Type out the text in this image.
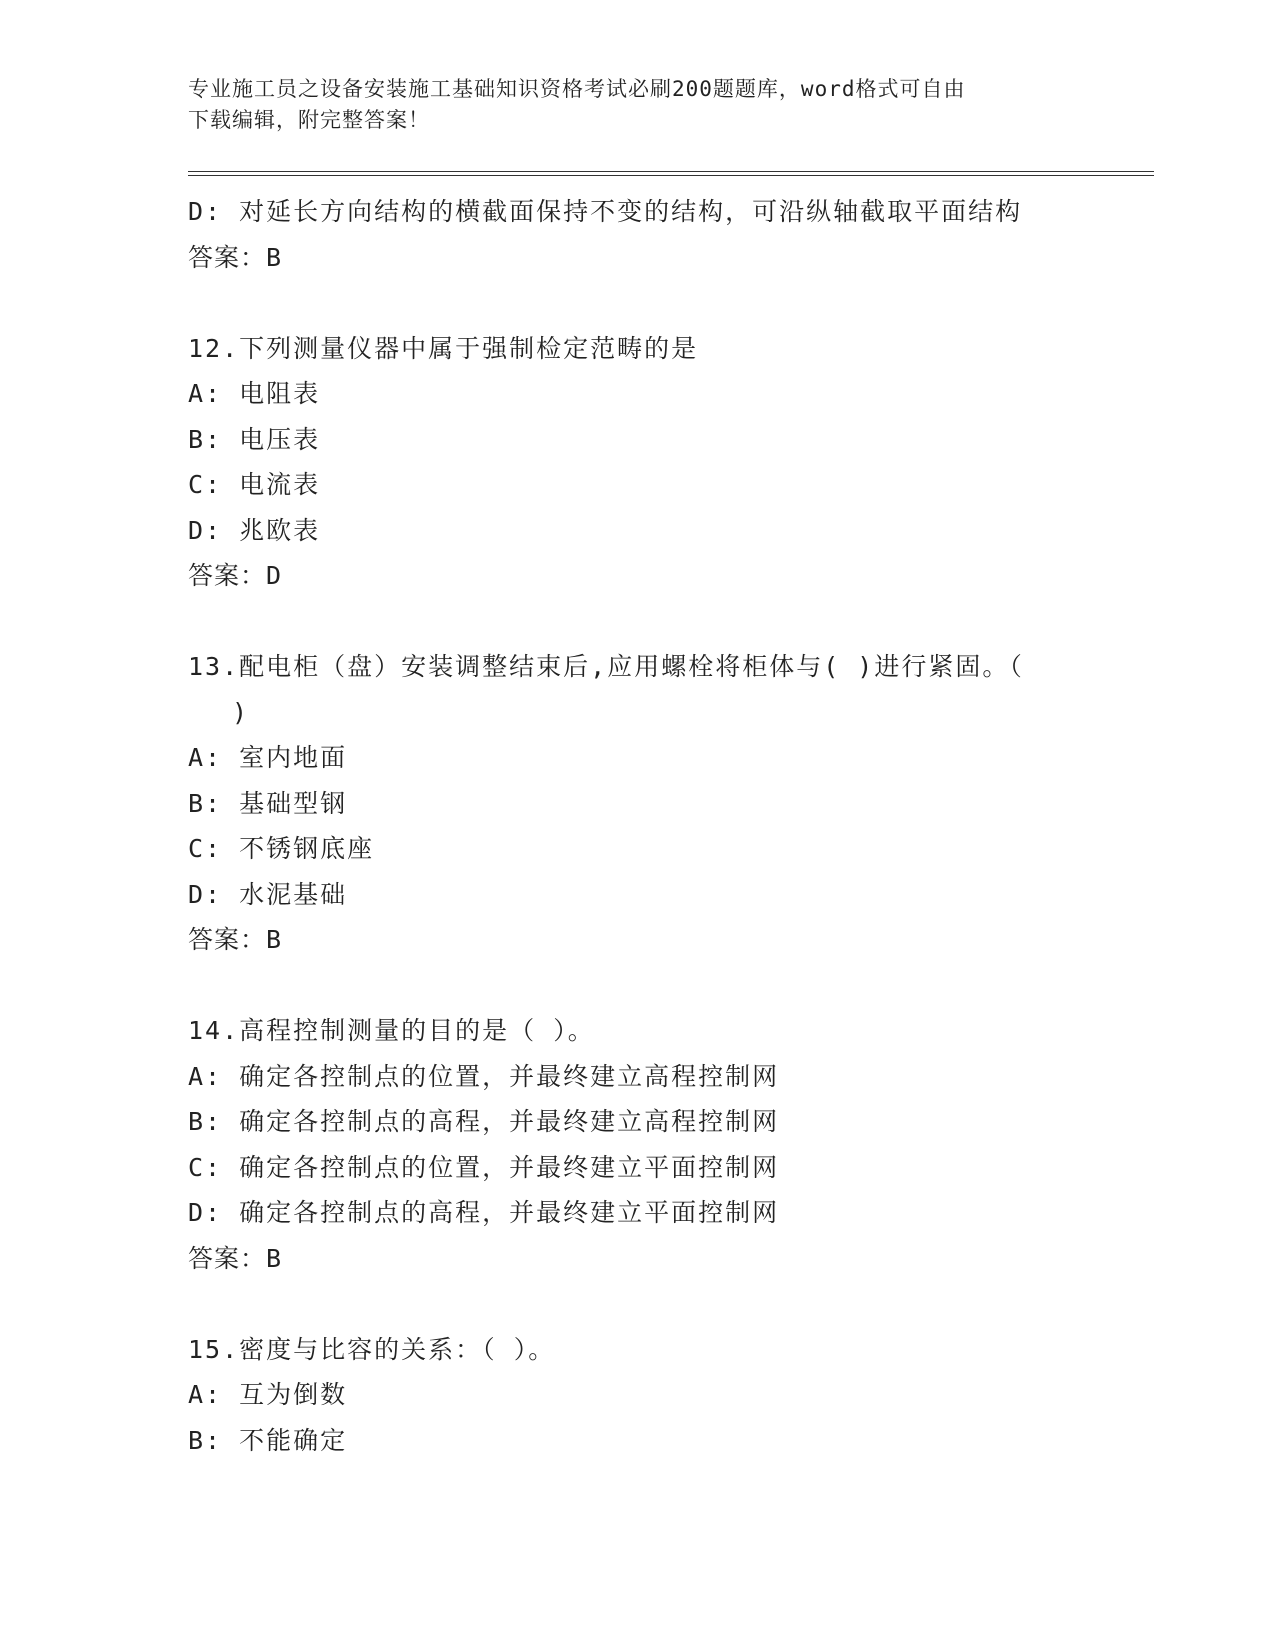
专业施工员之设备安装施工基础知识资格考试必刷200题题库，word格式可自由
下载编辑，附完整答案！
D: 对延长方向结构的横截面保持不变的结构，可沿纵轴截取平面结构
答案：B
12.下列测量仪器中属于强制检定范畴的是
A: 电阻表
B: 电压表
C: 电流表
D: 兆欧表
答案：D
13.配电柜（盘）安装调整结束后,应用螺栓将柜体与( )进行紧固。（
)
A: 室内地面
B: 基础型钢
C: 不锈钢底座
D: 水泥基础
答案：B
14.高程控制测量的目的是（ ）。
A: 确定各控制点的位置，并最终建立高程控制网
B: 确定各控制点的高程，并最终建立高程控制网
C: 确定各控制点的位置，并最终建立平面控制网
D: 确定各控制点的高程，并最终建立平面控制网
答案：B
15.密度与比容的关系：（ ）。
A: 互为倒数
B: 不能确定
